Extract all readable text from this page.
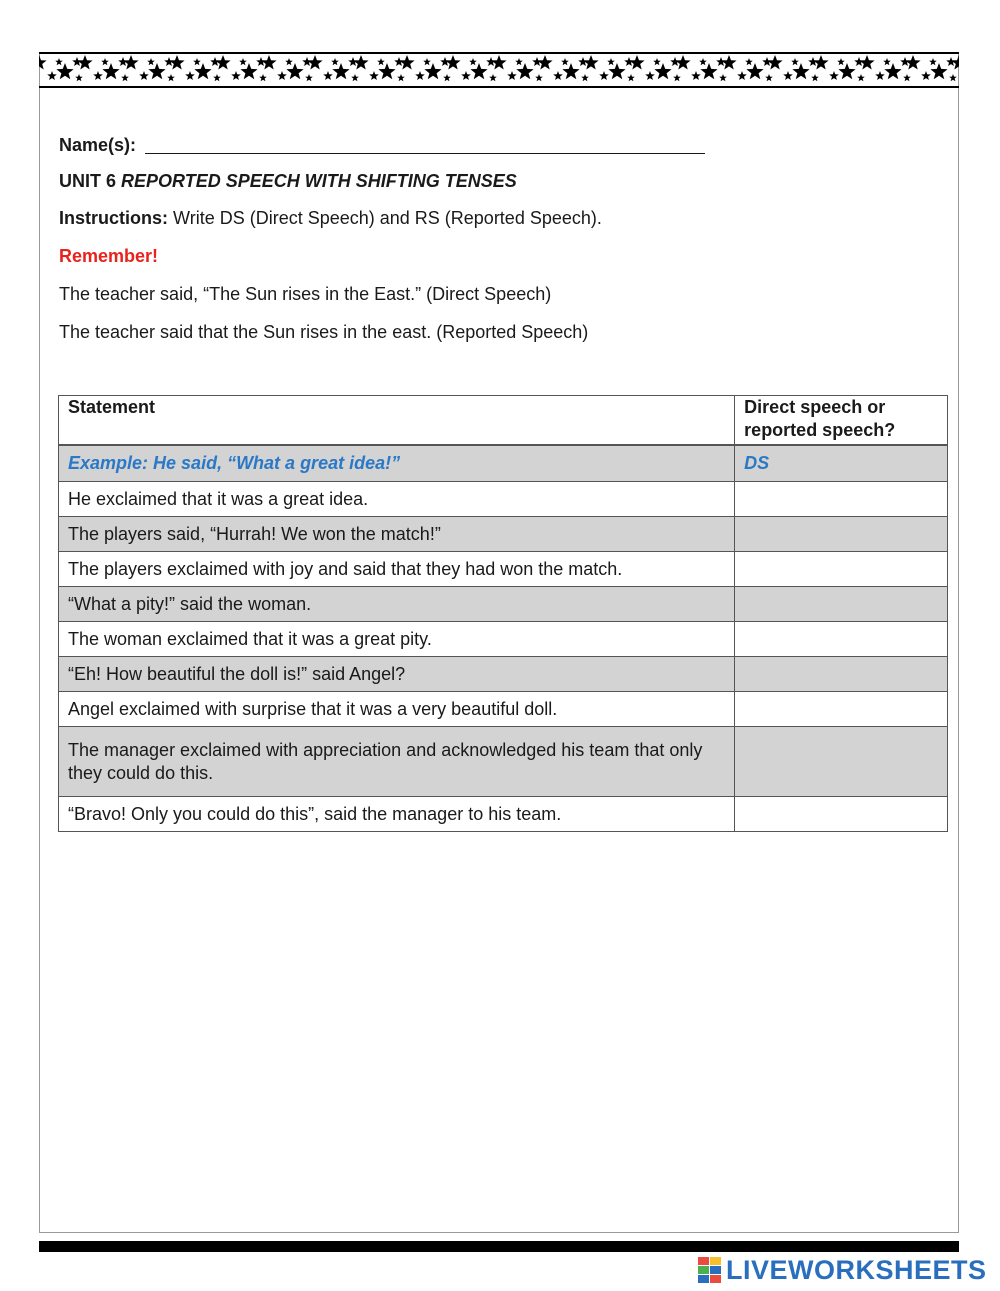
Name(s):
UNIT 6 REPORTED SPEECH WITH SHIFTING TENSES
Instructions: Write DS (Direct Speech) and RS (Reported Speech).
Remember!
The teacher said, “The Sun rises in the East.” (Direct Speech)
The teacher said that the Sun rises in the east. (Reported Speech)
Statement	Direct speech or reported speech?
Example: He said, “What a great idea!”	DS
He exclaimed that it was a great idea.	
The players said, “Hurrah! We won the match!”	
The players exclaimed with joy and said that they had won the match.	
“What a pity!” said the woman.	
The woman exclaimed that it was a great pity.	
“Eh! How beautiful the doll is!” said Angel?	
Angel exclaimed with surprise that it was a very beautiful doll.	
The manager exclaimed with appreciation and acknowledged his team that only they could do this.	
“Bravo! Only you could do this”, said the manager to his team.	
LIVEWORKSHEETS
